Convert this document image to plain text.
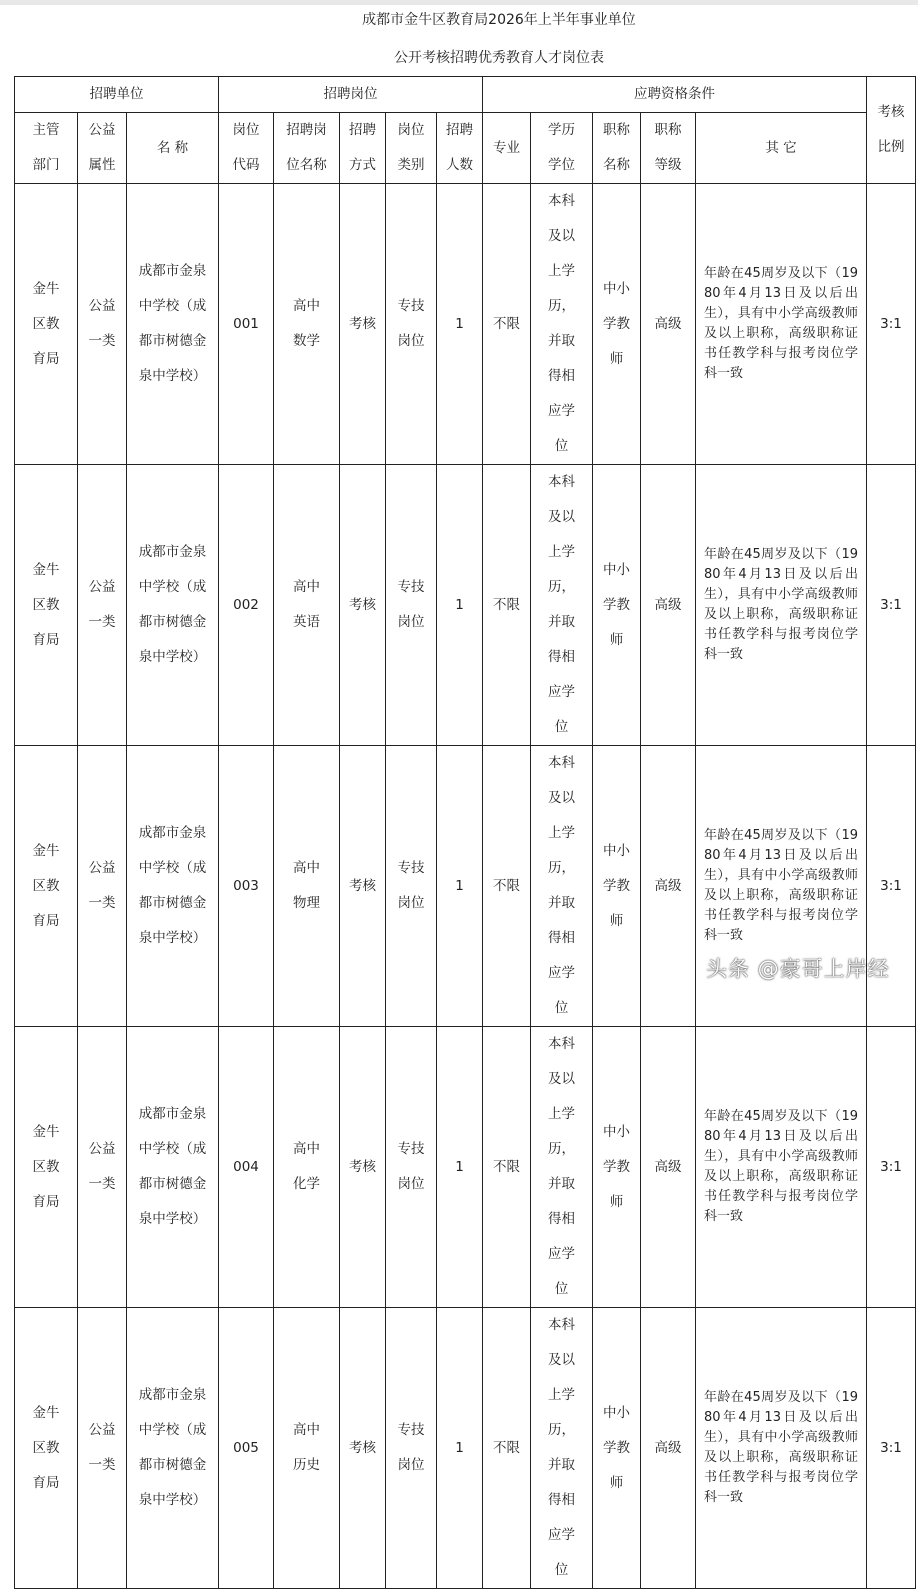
成都市金牛区教育局2026年上半年事业单位
公开考核招聘优秀教育人才岗位表
招聘单位			招聘岗位					应聘资格条件					考核比例
主管部门	公益属性	名 称	岗位代码	招聘岗位名称	招聘方式	岗位类别	招聘人数	专业	学历学位	职称名称	职称等级	其 它	
金牛区教育局	公益一类	成都市金泉中学校（成都市树德金泉中学校）	001	高中数学	考核	专技岗位	1	不限	本科及以上学历，并取得相应学位	中小学教师	高级	年龄在45周岁及以下（1980年4月13日及以后出生），具有中小学高级教师及以上职称，高级职称证书任教学科与报考岗位学科一致	3:1
金牛区教育局	公益一类	成都市金泉中学校（成都市树德金泉中学校）	002	高中英语	考核	专技岗位	1	不限	本科及以上学历，并取得相应学位	中小学教师	高级	年龄在45周岁及以下（1980年4月13日及以后出生），具有中小学高级教师及以上职称，高级职称证书任教学科与报考岗位学科一致	3:1
金牛区教育局	公益一类	成都市金泉中学校（成都市树德金泉中学校）	003	高中物理	考核	专技岗位	1	不限	本科及以上学历，并取得相应学位	中小学教师	高级	年龄在45周岁及以下（1980年4月13日及以后出生），具有中小学高级教师及以上职称，高级职称证书任教学科与报考岗位学科一致	3:1
金牛区教育局	公益一类	成都市金泉中学校（成都市树德金泉中学校）	004	高中化学	考核	专技岗位	1	不限	本科及以上学历，并取得相应学位	中小学教师	高级	年龄在45周岁及以下（1980年4月13日及以后出生），具有中小学高级教师及以上职称，高级职称证书任教学科与报考岗位学科一致	3:1
金牛区教育局	公益一类	成都市金泉中学校（成都市树德金泉中学校）	005	高中历史	考核	专技岗位	1	不限	本科及以上学历，并取得相应学位	中小学教师	高级	年龄在45周岁及以下（1980年4月13日及以后出生），具有中小学高级教师及以上职称，高级职称证书任教学科与报考岗位学科一致	3:1
头条 @豪哥上岸经
